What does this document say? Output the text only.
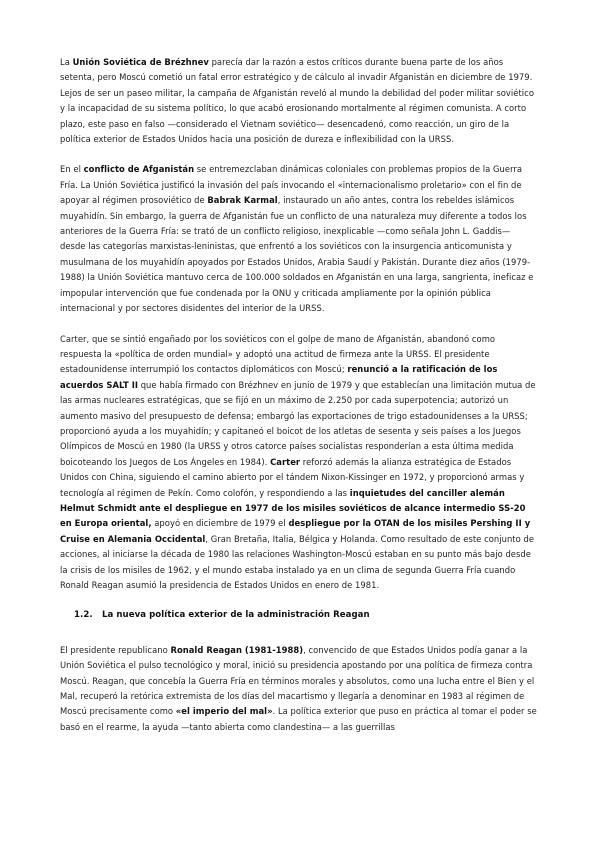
La Unión Soviética de Brézhnev parecía dar la razón a estos críticos durante buena parte de los años setenta, pero Moscú cometió un fatal error estratégico y de cálculo al invadir Afganistán en diciembre de 1979. Lejos de ser un paseo militar, la campaña de Afganistán reveló al mundo la debilidad del poder militar soviético y la incapacidad de su sistema político, lo que acabó erosionando mortalmente al régimen comunista. A corto plazo, este paso en falso —considerado el Vietnam soviético— desencadenó, como reacción, un giro de la política exterior de Estados Unidos hacia una posición de dureza e inflexibilidad con la URSS.

En el conflicto de Afganistán se entremezclaban dinámicas coloniales con problemas propios de la Guerra Fría. La Unión Soviética justificó la invasión del país invocando el «internacionalismo proletario» con el fin de apoyar al régimen prosoviético de Babrak Karmal, instaurado un año antes, contra los rebeldes islámicos muyahidín. Sin embargo, la guerra de Afganistán fue un conflicto de una naturaleza muy diferente a todos los anteriores de la Guerra Fría: se trató de un conflicto religioso, inexplicable —como señala John L. Gaddis— desde las categorías marxistas-leninistas, que enfrentó a los soviéticos con la insurgencia anticomunista y musulmana de los muyahidín apoyados por Estados Unidos, Arabia Saudí y Pakistán. Durante diez años (1979-1988) la Unión Soviética mantuvo cerca de 100.000 soldados en Afganistán en una larga, sangrienta, ineficaz e impopular intervención que fue condenada por la ONU y criticada ampliamente por la opinión pública internacional y por sectores disidentes del interior de la URSS.

Carter, que se sintió engañado por los soviéticos con el golpe de mano de Afganistán, abandonó como respuesta la «política de orden mundial» y adoptó una actitud de firmeza ante la URSS. El presidente estadounidense interrumpió los contactos diplomáticos con Moscú; renunció a la ratificación de los acuerdos SALT II que había firmado con Brézhnev en junio de 1979 y que establecían una limitación mutua de las armas nucleares estratégicas, que se fijó en un máximo de 2.250 por cada superpotencia; autorizó un aumento masivo del presupuesto de defensa; embargó las exportaciones de trigo estadounidenses a la URSS; proporcionó ayuda a los muyahidín; y capitaneó el boicot de los atletas de sesenta y seis países a los Juegos Olímpicos de Moscú en 1980 (la URSS y otros catorce países socialistas responderían a esta última medida boicoteando los Juegos de Los Ángeles en 1984). Carter reforzó además la alianza estratégica de Estados Unidos con China, siguiendo el camino abierto por el tándem Nixon-Kissinger en 1972, y proporcionó armas y tecnología al régimen de Pekín. Como colofón, y respondiendo a las inquietudes del canciller alemán Helmut Schmidt ante el despliegue en 1977 de los misiles soviéticos de alcance intermedio SS-20 en Europa oriental, apoyó en diciembre de 1979 el despliegue por la OTAN de los misiles Pershing II y Cruise en Alemania Occidental, Gran Bretaña, Italia, Bélgica y Holanda. Como resultado de este conjunto de acciones, al iniciarse la década de 1980 las relaciones Washington-Moscú estaban en su punto más bajo desde la crisis de los misiles de 1962, y el mundo estaba instalado ya en un clima de segunda Guerra Fría cuando Ronald Reagan asumió la presidencia de Estados Unidos en enero de 1981.

1.2. La nueva política exterior de la administración Reagan

El presidente republicano Ronald Reagan (1981-1988), convencido de que Estados Unidos podía ganar a la Unión Soviética el pulso tecnológico y moral, inició su presidencia apostando por una política de firmeza contra Moscú. Reagan, que concebía la Guerra Fría en términos morales y absolutos, como una lucha entre el Bien y el Mal, recuperó la retórica extremista de los días del macartismo y llegaría a denominar en 1983 al régimen de Moscú precisamente como «el imperio del mal». La política exterior que puso en práctica al tomar el poder se basó en el rearme, la ayuda —tanto abierta como clandestina— a las guerrillas
